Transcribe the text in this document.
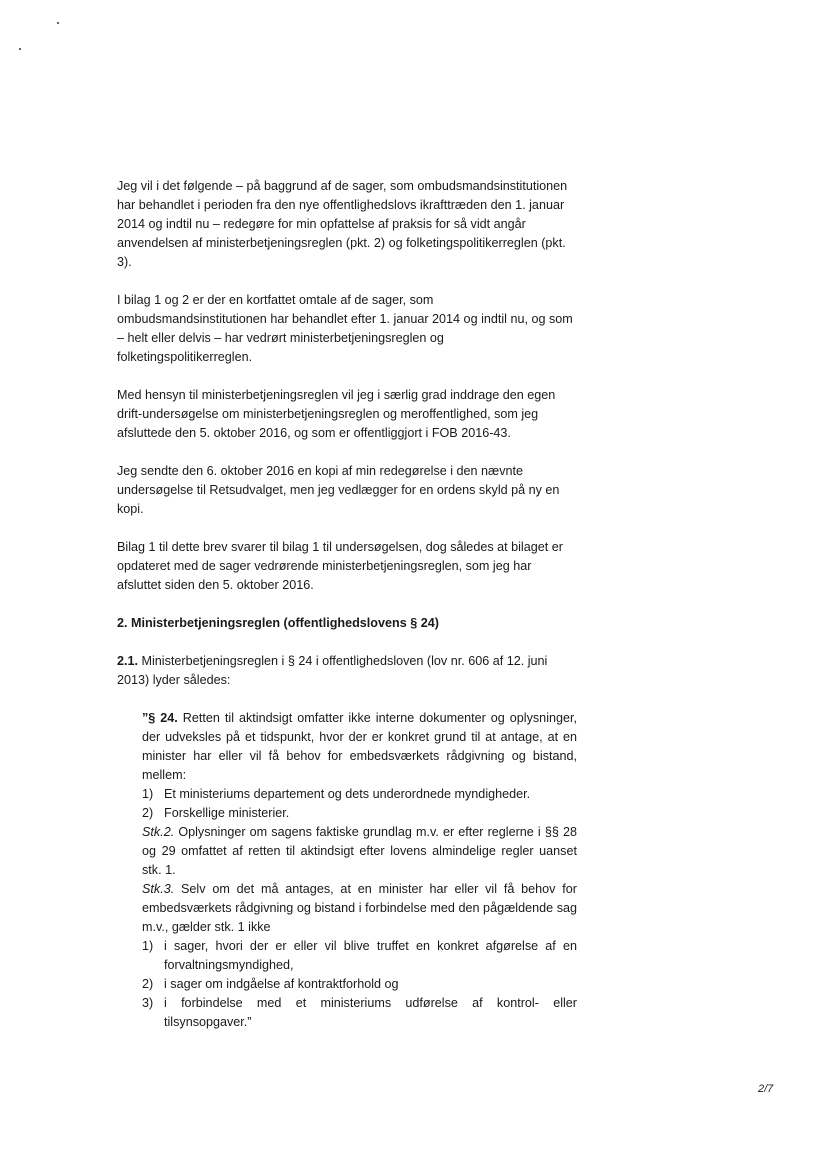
Jeg vil i det følgende – på baggrund af de sager, som ombudsmandsinstitutionen har behandlet i perioden fra den nye offentlighedslovs ikrafttræden den 1. januar 2014 og indtil nu – redegøre for min opfattelse af praksis for så vidt angår anvendelsen af ministerbetjeningsreglen (pkt. 2) og folketingspolitikerreglen (pkt. 3).

I bilag 1 og 2 er der en kortfattet omtale af de sager, som ombudsmandsinstitutionen har behandlet efter 1. januar 2014 og indtil nu, og som – helt eller delvis – har vedrørt ministerbetjeningsreglen og folketingspolitikerreglen.

Med hensyn til ministerbetjeningsreglen vil jeg i særlig grad inddrage den egen drift-undersøgelse om ministerbetjeningsreglen og meroffentlighed, som jeg afsluttede den 5. oktober 2016, og som er offentliggjort i FOB 2016-43.

Jeg sendte den 6. oktober 2016 en kopi af min redegørelse i den nævnte undersøgelse til Retsudvalget, men jeg vedlægger for en ordens skyld på ny en kopi.

Bilag 1 til dette brev svarer til bilag 1 til undersøgelsen, dog således at bilaget er opdateret med de sager vedrørende ministerbetjeningsreglen, som jeg har afsluttet siden den 5. oktober 2016.

2. Ministerbetjeningsreglen (offentlighedslovens § 24)

2.1. Ministerbetjeningsreglen i § 24 i offentlighedsloven (lov nr. 606 af 12. juni 2013) lyder således:

”§ 24. Retten til aktindsigt omfatter ikke interne dokumenter og oplysninger, der udveksles på et tidspunkt, hvor der er konkret grund til at antage, at en minister har eller vil få behov for embedsværkets rådgivning og bistand, mellem:

1) Et ministeriums departement og dets underordnede myndigheder.
2) Forskellige ministerier.

Stk.2. Oplysninger om sagens faktiske grundlag m.v. er efter reglerne i §§ 28 og 29 omfattet af retten til aktindsigt efter lovens almindelige regler uanset stk. 1.

Stk.3. Selv om det må antages, at en minister har eller vil få behov for embedsværkets rådgivning og bistand i forbindelse med den pågældende sag m.v., gælder stk. 1 ikke

1) i sager, hvori der er eller vil blive truffet en konkret afgørelse af en forvaltningsmyndighed,
2) i sager om indgåelse af kontraktforhold og
3) i forbindelse med et ministeriums udførelse af kontrol- eller tilsynsopgaver.”
2/7
